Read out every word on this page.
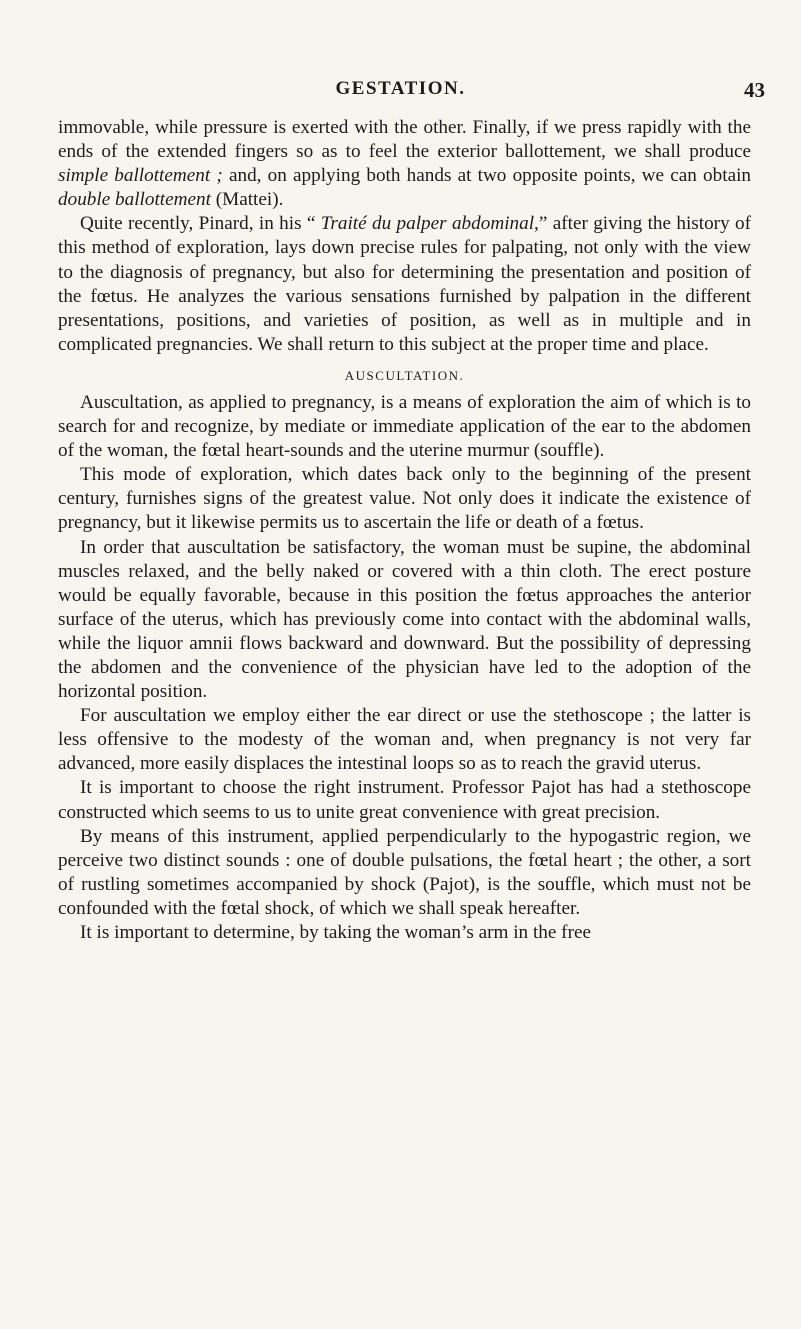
GESTATION.	43

immovable, while pressure is exerted with the other. Finally, if we press rapidly with the ends of the extended fingers so as to feel the exterior ballottement, we shall produce simple ballottement ; and, on applying both hands at two opposite points, we can obtain double ballottement (Mattei).

Quite recently, Pinard, in his “ Traité du palper abdominal,” after giving the history of this method of exploration, lays down precise rules for palpating, not only with the view to the diagnosis of pregnancy, but also for determining the presentation and position of the fœtus. He analyzes the various sensations furnished by palpation in the different presentations, positions, and varieties of position, as well as in multiple and in complicated pregnancies. We shall return to this subject at the proper time and place.

AUSCULTATION.

Auscultation, as applied to pregnancy, is a means of exploration the aim of which is to search for and recognize, by mediate or immediate application of the ear to the abdomen of the woman, the fœtal heart-sounds and the uterine murmur (souffle).

This mode of exploration, which dates back only to the beginning of the present century, furnishes signs of the greatest value. Not only does it indicate the existence of pregnancy, but it likewise permits us to ascertain the life or death of a fœtus.

In order that auscultation be satisfactory, the woman must be supine, the abdominal muscles relaxed, and the belly naked or covered with a thin cloth. The erect posture would be equally favorable, because in this position the fœtus approaches the anterior surface of the uterus, which has previously come into contact with the abdominal walls, while the liquor amnii flows backward and downward. But the possibility of depressing the abdomen and the convenience of the physician have led to the adoption of the horizontal position.

For auscultation we employ either the ear direct or use the stethoscope ; the latter is less offensive to the modesty of the woman and, when pregnancy is not very far advanced, more easily displaces the intestinal loops so as to reach the gravid uterus.

It is important to choose the right instrument. Professor Pajot has had a stethoscope constructed which seems to us to unite great convenience with great precision.

By means of this instrument, applied perpendicularly to the hypogastric region, we perceive two distinct sounds : one of double pulsations, the fœtal heart ; the other, a sort of rustling sometimes accompanied by shock (Pajot), is the souffle, which must not be confounded with the fœtal shock, of which we shall speak hereafter.

It is important to determine, by taking the woman’s arm in the free
